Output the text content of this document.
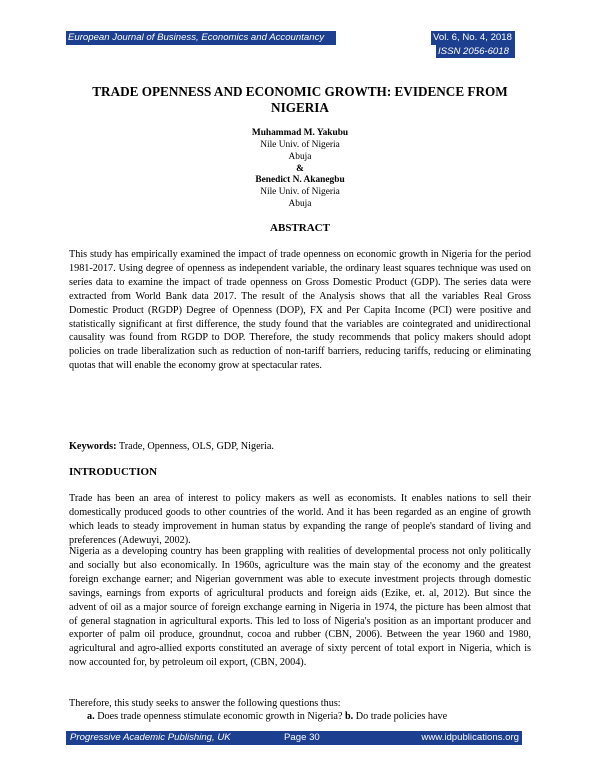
European Journal of Business, Economics and Accountancy	Vol. 6, No. 4, 2018
ISSN 2056-6018
TRADE OPENNESS AND ECONOMIC GROWTH: EVIDENCE FROM NIGERIA
Muhammad M. Yakubu
Nile Univ. of Nigeria
Abuja
&
Benedict N. Akanegbu
Nile Univ. of Nigeria
Abuja
ABSTRACT
This study has empirically examined the impact of trade openness on economic growth in Nigeria for the period 1981-2017. Using degree of openness as independent variable, the ordinary least squares technique was used on series data to examine the impact of trade openness on Gross Domestic Product (GDP). The series data were extracted from World Bank data 2017. The result of the Analysis shows that all the variables Real Gross Domestic Product (RGDP) Degree of Openness (DOP), FX and Per Capita Income (PCI) were positive and statistically significant at first difference, the study found that the variables are cointegrated and unidirectional causality was found from RGDP to DOP. Therefore, the study recommends that policy makers should adopt policies on trade liberalization such as reduction of non-tariff barriers, reducing tariffs, reducing or eliminating quotas that will enable the economy grow at spectacular rates.
Keywords: Trade, Openness, OLS, GDP, Nigeria.
INTRODUCTION
Trade has been an area of interest to policy makers as well as economists. It enables nations to sell their domestically produced goods to other countries of the world. And it has been regarded as an engine of growth which leads to steady improvement in human status by expanding the range of people's standard of living and preferences (Adewuyi, 2002).
Nigeria as a developing country has been grappling with realities of developmental process not only politically and socially but also economically. In 1960s, agriculture was the main stay of the economy and the greatest foreign exchange earner; and Nigerian government was able to execute investment projects through domestic savings, earnings from exports of agricultural products and foreign aids (Ezike, et. al, 2012). But since the advent of oil as a major source of foreign exchange earning in Nigeria in 1974, the picture has been almost that of general stagnation in agricultural exports. This led to loss of Nigeria's position as an important producer and exporter of palm oil produce, groundnut, cocoa and rubber (CBN, 2006). Between the year 1960 and 1980, agricultural and agro-allied exports constituted an average of sixty percent of total export in Nigeria, which is now accounted for, by petroleum oil export, (CBN, 2004).
Therefore, this study seeks to answer the following questions thus:
a. Does trade openness stimulate economic growth in Nigeria? b. Do trade policies have
Progressive Academic Publishing, UK	Page 30	www.idpublications.org
